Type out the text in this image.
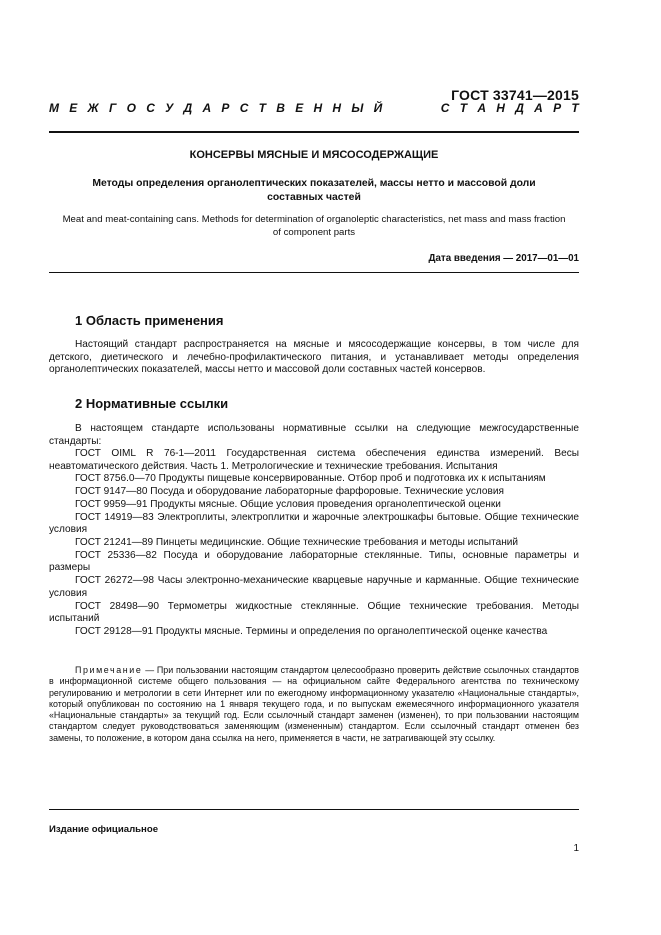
ГОСТ 33741—2015
М Е Ж Г О С У Д А Р С Т В Е Н Н Ы Й	С Т А Н Д А Р Т
КОНСЕРВЫ МЯСНЫЕ И МЯСОСОДЕРЖАЩИЕ
Методы определения органолептических показателей, массы нетто и массовой доли
составных частей
Meat and meat-containing cans. Methods for determination of organoleptic characteristics, net mass and mass fraction
of component parts
Дата введения — 2017—01—01
1 Область применения
Настоящий стандарт распространяется на мясные и мясосодержащие консервы, в том числе для детского, диетического и лечебно-профилактического питания, и устанавливает методы определения органолептических показателей, массы нетто и массовой доли составных частей консервов.
2 Нормативные ссылки
В настоящем стандарте использованы нормативные ссылки на следующие межгосударственные стандарты:
ГОСТ OIML R 76-1—2011 Государственная система обеспечения единства измерений. Весы неавтоматического действия. Часть 1. Метрологические и технические требования. Испытания
ГОСТ 8756.0—70 Продукты пищевые консервированные. Отбор проб и подготовка их к испытаниям
ГОСТ 9147—80 Посуда и оборудование лабораторные фарфоровые. Технические условия
ГОСТ 9959—91 Продукты мясные. Общие условия проведения органолептической оценки
ГОСТ 14919—83 Электроплиты, электроплитки и жарочные электрошкафы бытовые. Общие технические условия
ГОСТ 21241—89 Пинцеты медицинские. Общие технические требования и методы испытаний
ГОСТ 25336—82 Посуда и оборудование лабораторные стеклянные. Типы, основные параметры и размеры
ГОСТ 26272—98 Часы электронно-механические кварцевые наручные и карманные. Общие технические условия
ГОСТ 28498—90 Термометры жидкостные стеклянные. Общие технические требования. Методы испытаний
ГОСТ 29128—91 Продукты мясные. Термины и определения по органолептической оценке качества
Примечание — При пользовании настоящим стандартом целесообразно проверить действие ссылочных стандартов в информационной системе общего пользования — на официальном сайте Федерального агентства по техническому регулированию и метрологии в сети Интернет или по ежегодному информационному указателю «Национальные стандарты», который опубликован по состоянию на 1 января текущего года, и по выпускам ежемесячного информационного указателя «Национальные стандарты» за текущий год. Если ссылочный стандарт заменен (изменен), то при пользовании настоящим стандартом следует руководствоваться заменяющим (измененным) стандартом. Если ссылочный стандарт отменен без замены, то положение, в котором дана ссылка на него, применяется в части, не затрагивающей эту ссылку.
Издание официальное
1
